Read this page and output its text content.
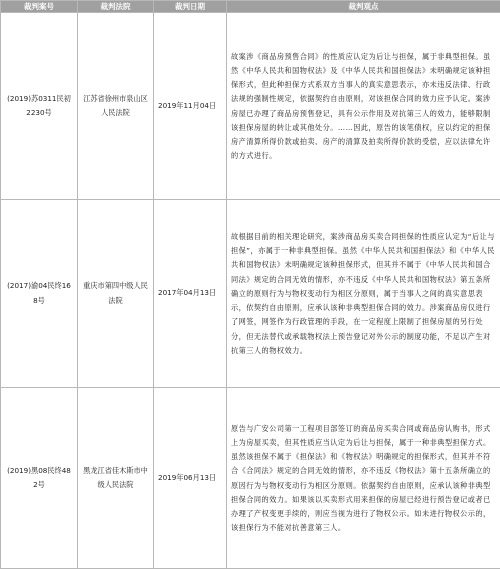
裁判案号	裁判法院	裁判日期	裁判观点
(2019)苏0311民初2230号	江苏省徐州市泉山区人民法院	2019年11月04日	故案涉《商品房预售合同》的性质应认定为后让与担保，属于非典型担保。虽然《中华人民共和国物权法》及《中华人民共和国担保法》未明确规定该种担保形式，但此种担保方式系双方当事人的真实意思表示，亦未违反法律、行政法规的强制性规定，依据契约自由原则，对该担保合同的效力应予认定。案涉房屋已办理了商品房预售登记，具有公示作用及对抗第三人的效力，能够限制该担保房屋的转让或其他处分。……因此，原告的该笔债权，应以约定的担保房产清算所得价款或拍卖、房产的清算及拍卖所得价款的受偿，应以法律允许的方式进行。
(2017)渝04民终168号	重庆市第四中级人民法院	2017年04月13日	故根据目前的相关理论研究，案涉商品房买卖合同担保的性质应认定为“后让与担保”，亦属于一种非典型担保。虽然《中华人民共和国担保法》和《中华人民共和国物权法》未明确规定该种担保形式，但其并不属于《中华人民共和国合同法》规定的合同无效的情形，亦不违反《中华人民共和国物权法》第五条所确立的原则行为与物权变动行为相区分原则，属于当事人之间的真实意思表示，依契约自由原则，应承认该种非典型担保合同的效力。涉案商品房仅进行了网签，网签作为行政管理的手段，在一定程度上限制了担保房屋的另行处分，但无法替代或承载物权法上预告登记对外公示的制度功能，不足以产生对抗第三人的物权效力。
(2019)黑08民终482号	黑龙江省佳木斯市中级人民法院	2019年06月13日	原告与广安公司第一工程项目部签订的商品房买卖合同或商品房认购书，形式上为房屋买卖，但其性质应当认定为后让与担保，属于一种非典型担保方式。虽然该担保不属于《担保法》和《物权法》明确规定的担保形式，但其并不符合《合同法》规定的合同无效的情形，亦不违反《物权法》第十五条所确立的原因行为与物权变动行为相区分原则。依据契约自由原则，应承认该种非典型担保合同的效力。如果该以买卖形式用来担保的房屋已经进行预告登记或者已办理了产权变更手续的，则应当视为进行了物权公示。如未进行物权公示的，该担保行为不能对抗善意第三人。
